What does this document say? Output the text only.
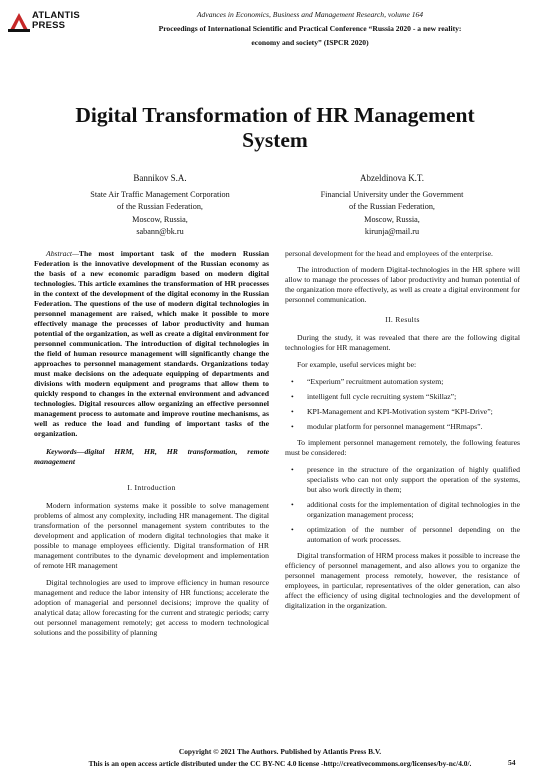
ATLANTIS
PRESS
Advances in Economics, Business and Management Research, volume 164
Proceedings of International Scientific and Practical Conference “Russia 2020 - a new reality:
economy and society” (ISPCR 2020)
Digital Transformation of HR Management
System
Bannikov S.A.
State Air Traffic Management Corporation
of the Russian Federation,
Moscow, Russia,
sabann@bk.ru
Abzeldinova K.T.
Financial University under the Government
of the Russian Federation,
Moscow, Russia,
kirunja@mail.ru

Abstract—The most important task of the modern Russian Federation is the innovative development of the Russian economy as the basis of a new economic paradigm based on modern digital technologies. This article examines the transformation of HR processes in the context of the development of the digital economy in the Russian Federation. The questions of the use of modern digital technologies in personnel management are raised, which make it possible to more effectively manage the processes of labor productivity and human potential of the organization, as well as create a digital environment for personnel communication. The introduction of digital technologies in the field of human resource management will significantly change the approaches to personnel management standards. Organizations today must make decisions on the adequate equipping of departments and divisions with modern equipment and programs that allow them to quickly respond to changes in the external environment and advanced technologies. Digital resources allow organizing an effective personnel management process to automate and improve routine mechanisms, as well as reduce the load and funding of important tasks of the organization.

Keywords—digital HRM, HR, HR transformation, remote management

I. Introduction

Modern information systems make it possible to solve management problems of almost any complexity, including HR management. The digital transformation of the personnel management system contributes to the development and application of modern digital technologies that make it possible to manage employees efficiently. Digital transformation of HR management contributes to the dynamic development and implementation of remote HR management

Digital technologies are used to improve efficiency in human resource management and reduce the labor intensity of HR functions; accelerate the adoption of managerial and personnel decisions; improve the quality of analytical data; allow forecasting for the current and strategic periods; carry out personnel management remotely; get access to modern technological solutions and the possibility of planning

personal development for the head and employees of the enterprise.

The introduction of modern Digital-technologies in the HR sphere will allow to manage the processes of labor productivity and human potential of the organization more effectively, as well as create a digital environment for personnel communication.

II. Results

During the study, it was revealed that there are the following digital technologies for HR management.

For example, useful services might be:

• “Experium” recruitment automation system;
• intelligent full cycle recruiting system “Skillaz”;
• KPI-Management and KPI-Motivation system “KPI-Drive”;
• modular platform for personnel management “HRmaps”.

To implement personnel management remotely, the following features must be considered:

• presence in the structure of the organization of highly qualified specialists who can not only support the operation of the systems, but also work directly in them;
• additional costs for the implementation of digital technologies in the organization management process;
• optimization of the number of personnel depending on the automation of work processes.

Digital transformation of HRM process makes it possible to increase the efficiency of personnel management, and also allows you to organize the personnel management process remotely, however, the resistance of employees, in particular, representatives of the older generation, can also affect the efficiency of using digital technologies and the development of digitalization in the organization.

Copyright © 2021 The Authors. Published by Atlantis Press B.V.
This is an open access article distributed under the CC BY-NC 4.0 license -http://creativecommons.org/licenses/by-nc/4.0/.	54
